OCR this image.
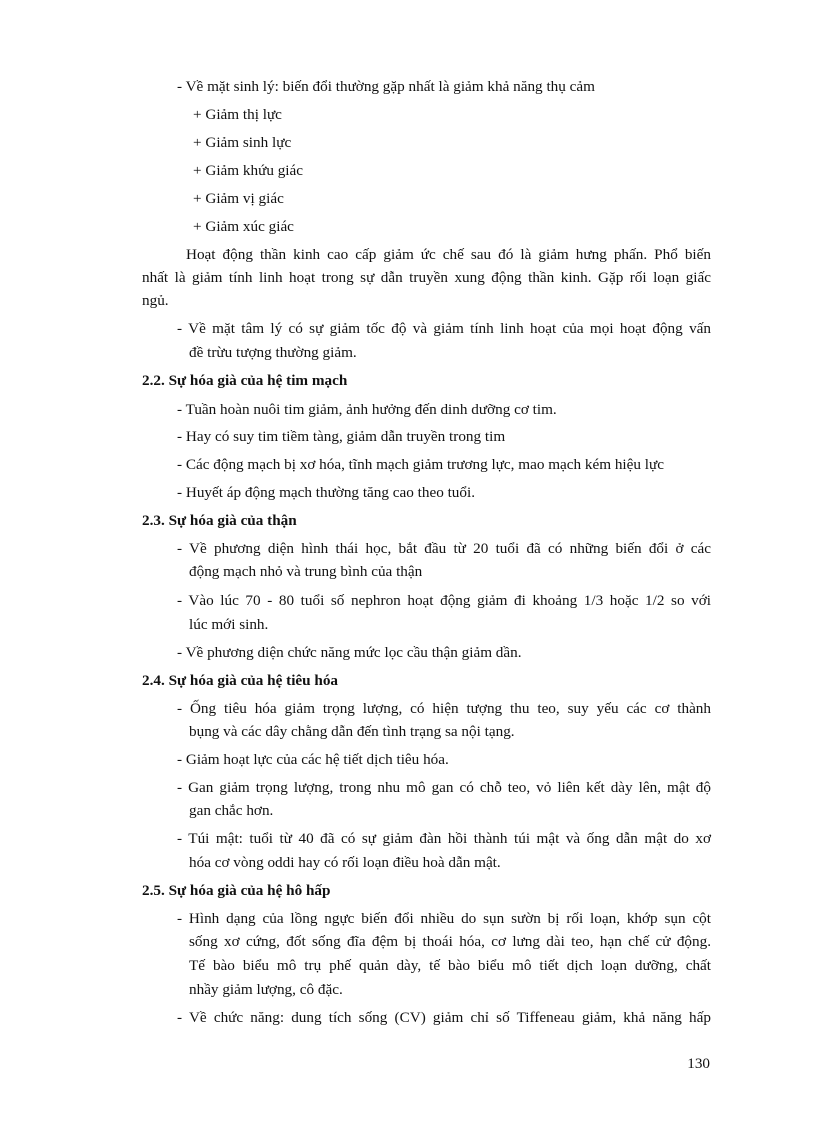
- Về mặt sinh lý: biến đổi thường gặp nhất là giảm khả năng thụ cảm
+ Giảm thị lực
+ Giảm sinh lực
+ Giảm khứu giác
+ Giảm vị giác
+ Giảm xúc giác
Hoạt động thần kinh cao cấp giảm ức chế sau đó là giảm hưng phấn. Phổ biến
nhất là giảm tính linh hoạt trong sự dẫn truyền xung động thần kinh. Gặp rối loạn giấc
ngủ.
- Về mặt tâm lý có sự giảm tốc độ và giảm tính linh hoạt của mọi hoạt động vấn
đề trừu tượng thường giảm.
2.2. Sự hóa già của hệ tim mạch
- Tuần hoàn nuôi tim giảm, ảnh hưởng đến dinh dưỡng cơ tim.
- Hay có suy tim tiềm tàng, giảm dẫn truyền trong tim
- Các động mạch bị xơ hóa, tĩnh mạch giảm trương lực, mao mạch kém hiệu lực
- Huyết áp động mạch thường tăng cao theo tuổi.
2.3. Sự hóa già của thận
- Về phương diện hình thái học, bắt đầu từ 20 tuổi đã có những biến đổi ở các
động mạch nhỏ và trung bình của thận
- Vào lúc 70 - 80 tuổi số nephron hoạt động giảm đi khoảng 1/3 hoặc 1/2 so với
lúc mới sinh.
- Về phương diện chức năng mức lọc cầu thận giảm dần.
2.4. Sự hóa già của hệ tiêu hóa
- Ống tiêu hóa giảm trọng lượng, có hiện tượng thu teo, suy yếu các cơ thành
bụng và các dây chằng dẫn đến tình trạng sa nội tạng.
- Giảm hoạt lực của các hệ tiết dịch tiêu hóa.
- Gan giảm trọng lượng, trong nhu mô gan có chỗ teo, vỏ liên kết dày lên, mật độ
gan chắc hơn.
- Túi mật: tuổi từ 40 đã có sự giảm đàn hồi thành túi mật và ống dẫn mật do xơ
hóa cơ vòng oddi hay có rối loạn điều hoà dẫn mật.
2.5. Sự hóa già của hệ hô hấp
- Hình dạng của lồng ngực biến đổi nhiều do sụn sườn bị rối loạn, khớp sụn cột
sống xơ cứng, đốt sống đĩa đệm bị thoái hóa, cơ lưng dài teo, hạn chế cử động.
Tế bào biểu mô trụ phế quản dày, tế bào biểu mô tiết dịch loạn dưỡng, chất
nhầy giảm lượng, cô đặc.
- Về chức năng: dung tích sống (CV) giảm chỉ số Tiffeneau giảm, khả năng hấp
130
